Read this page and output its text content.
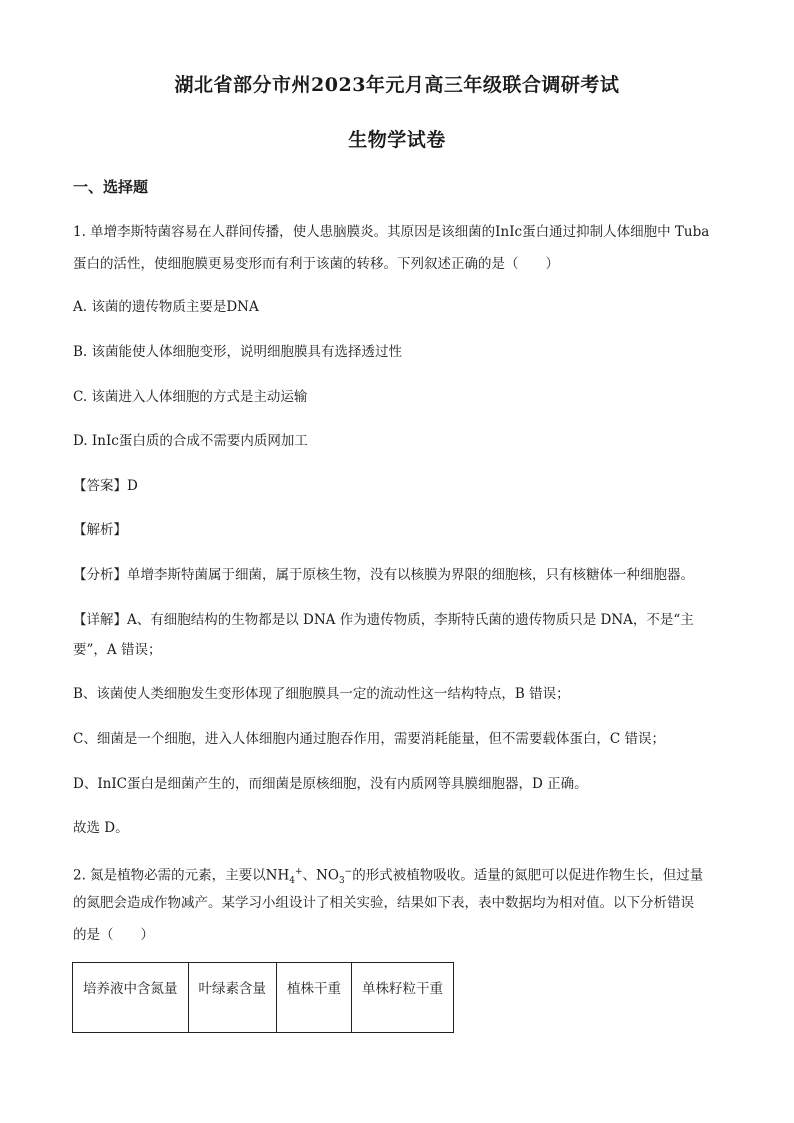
湖北省部分市州2023年元月高三年级联合调研考试
生物学试卷
一、选择题
1. 单增李斯特菌容易在人群间传播，使人患脑膜炎。其原因是该细菌的InIc蛋白通过抑制人体细胞中 Tuba
蛋白的活性，使细胞膜更易变形而有利于该菌的转移。下列叙述正确的是（　　）
A. 该菌的遗传物质主要是DNA
B. 该菌能使人体细胞变形，说明细胞膜具有选择透过性
C. 该菌进入人体细胞的方式是主动运输
D. InIc蛋白质的合成不需要内质网加工
【答案】D
【解析】
【分析】单增李斯特菌属于细菌，属于原核生物，没有以核膜为界限的细胞核，只有核糖体一种细胞器。
【详解】A、有细胞结构的生物都是以 DNA 作为遗传物质，李斯特氏菌的遗传物质只是 DNA，不是“主
要”，A 错误；
B、该菌使人类细胞发生变形体现了细胞膜具一定的流动性这一结构特点，B 错误；
C、细菌是一个细胞，进入人体细胞内通过胞吞作用，需要消耗能量，但不需要载体蛋白，C 错误；
D、InIC蛋白是细菌产生的，而细菌是原核细胞，没有内质网等具膜细胞器，D 正确。
故选 D。
2. 氮是植物必需的元素，主要以$NH_4^+$、$NO_3^-$的形式被植物吸收。适量的氮肥可以促进作物生长，但过量
的氮肥会造成作物减产。某学习小组设计了相关实验，结果如下表，表中数据均为相对值。以下分析错误
的是（　　）
培养液中含氮量	叶绿素含量	植株干重	单株籽粒干重
